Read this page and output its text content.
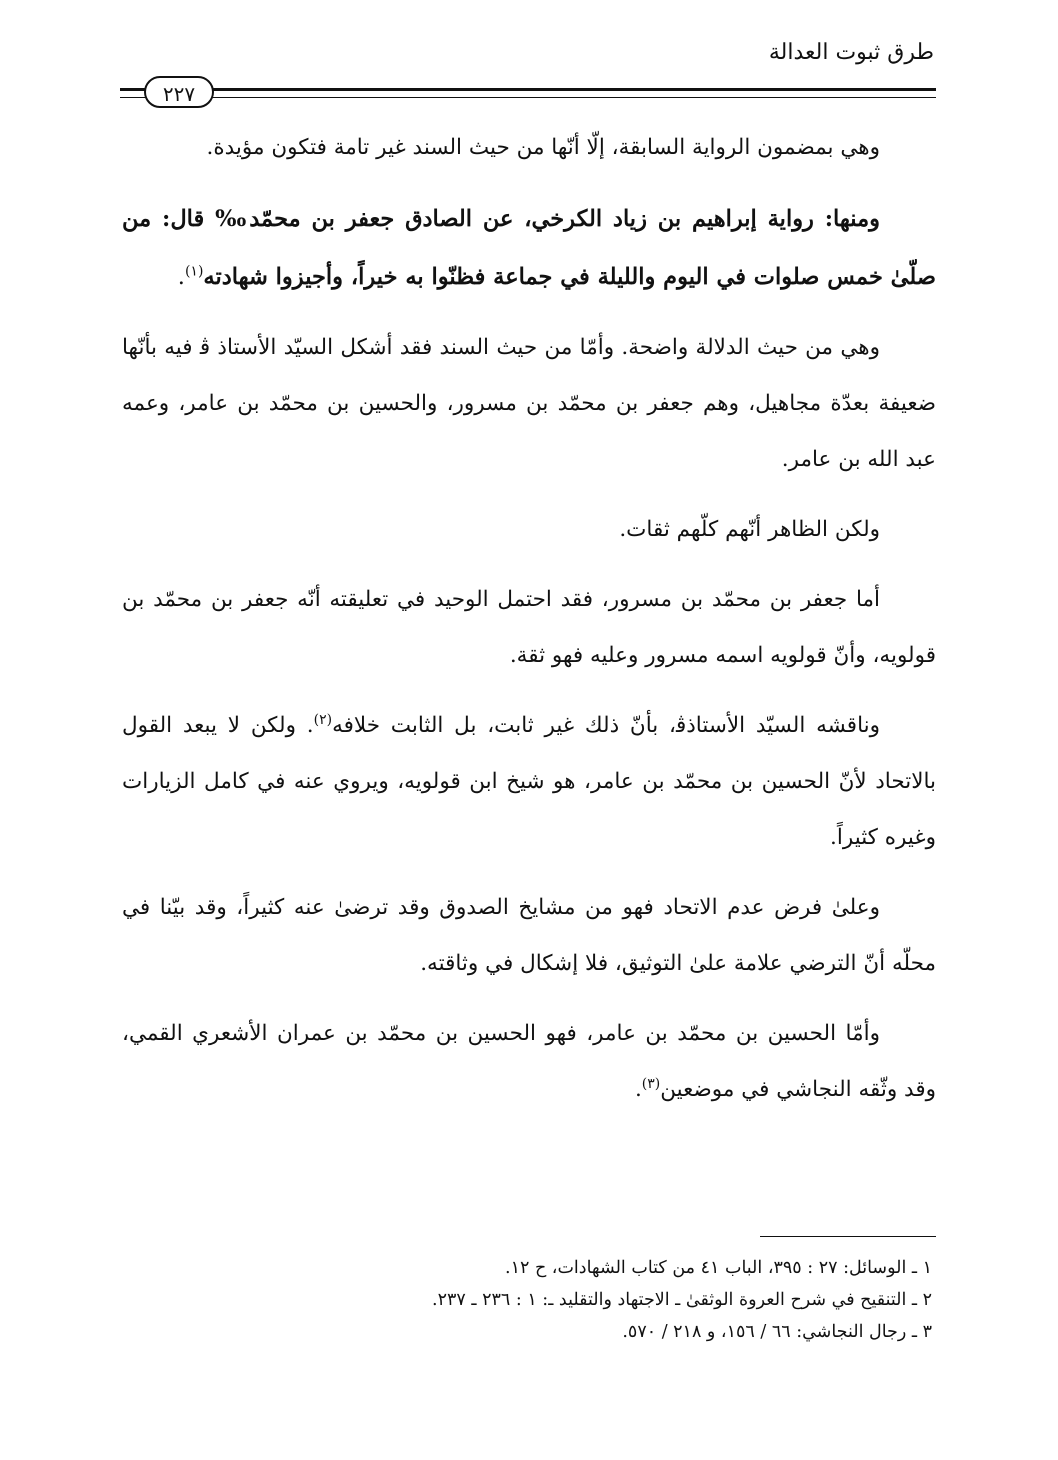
طرق ثبوت العدالة
٢٢٧

وهي بمضمون الرواية السابقة، إلّا أنّها من حيث السند غير تامة فتكون مؤيدة.

ومنها: رواية إبراهيم بن زياد الكرخي، عن الصادق جعفر بن محمّد‰ قال: من صلّىٰ خمس صلوات في اليوم والليلة في جماعة فظنّوا به خيراً، وأجيزوا شهادته$^{(١)}$.

وهي من حيث الدلالة واضحة. وأمّا من حيث السند فقد أشكل السيّد الأستاذ ﭬ فيه بأنّها ضعيفة بعدّة مجاهيل، وهم جعفر بن محمّد بن مسرور، والحسين بن محمّد بن عامر، وعمه عبد الله بن عامر.

ولكن الظاهر أنّهم كلّهم ثقات.

أما جعفر بن محمّد بن مسرور، فقد احتمل الوحيد في تعليقته أنّه جعفر بن محمّد بن قولويه، وأنّ قولويه اسمه مسرور وعليه فهو ثقة.

وناقشه السيّد الأستاذﭬ، بأنّ ذلك غير ثابت، بل الثابت خلافه$^{(٢)}$. ولكن لا يبعد القول بالاتحاد لأنّ الحسين بن محمّد بن عامر، هو شيخ ابن قولويه، ويروي عنه في كامل الزيارات وغيره كثيراً.

وعلىٰ فرض عدم الاتحاد فهو من مشايخ الصدوق وقد ترضىٰ عنه كثيراً، وقد بيّنا في محلّه أنّ الترضي علامة علىٰ التوثيق، فلا إشكال في وثاقته.

وأمّا الحسين بن محمّد بن عامر، فهو الحسين بن محمّد بن عمران الأشعري القمي، وقد وثّقه النجاشي في موضعين$^{(٣)}$.

١ ـ الوسائل: ٢٧ : ٣٩٥، الباب ٤١ من كتاب الشهادات، ح ١٢.
٢ ـ التنقيح في شرح العروة الوثقىٰ ـ الاجتهاد والتقليد ـ: ١ : ٢٣٦ ـ ٢٣٧.
٣ ـ رجال النجاشي: ٦٦ / ١٥٦، و ٢١٨ / ٥٧٠.
